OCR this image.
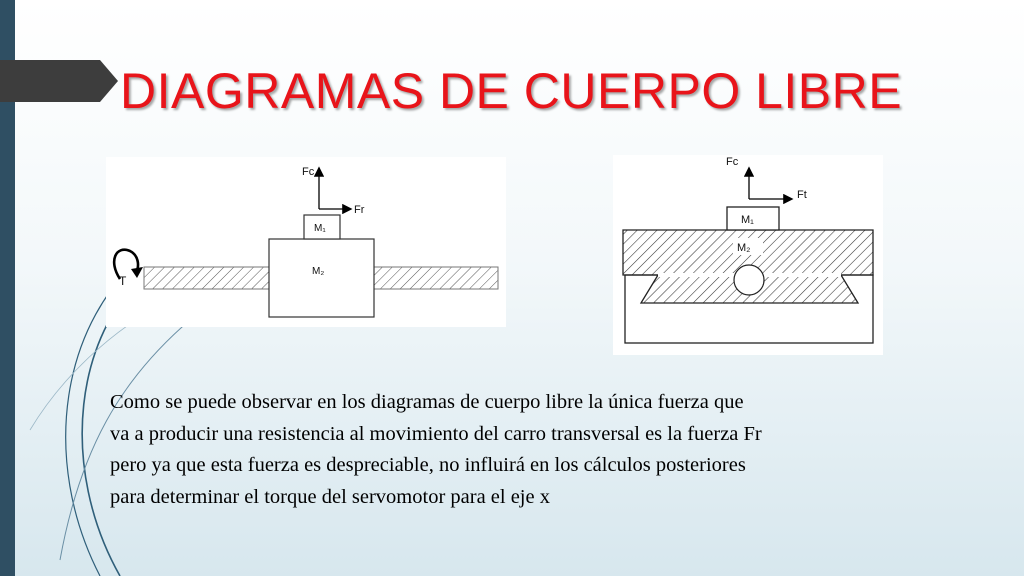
DIAGRAMAS DE CUERPO LIBRE
M₁
M₂
Fc
Fr
T
M₁
M₂
Fc
Ft

Como se puede observar en los diagramas de cuerpo libre la única fuerza que
va a producir una resistencia al movimiento del carro transversal es la fuerza Fr
pero ya que esta fuerza es despreciable, no influirá en los cálculos posteriores
para determinar el torque del servomotor para el eje x
